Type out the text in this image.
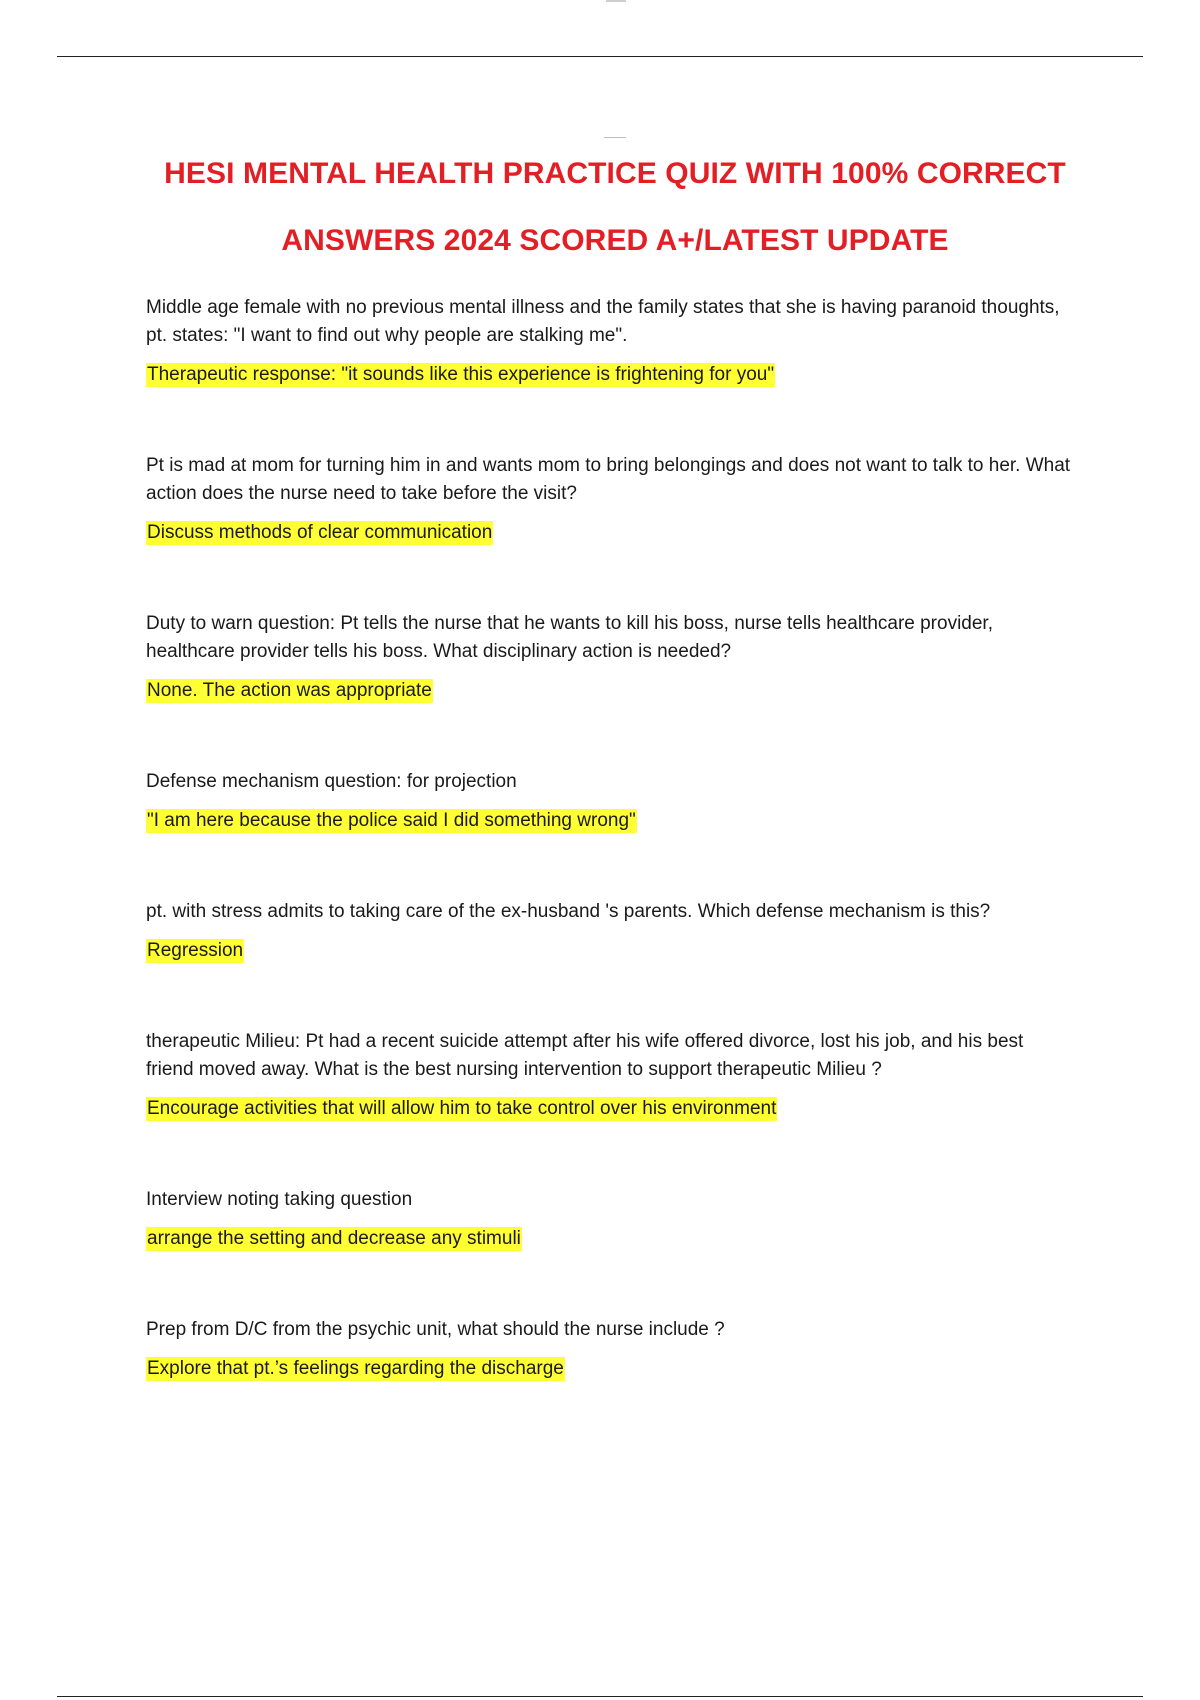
HESI MENTAL HEALTH PRACTICE QUIZ WITH 100% CORRECT
ANSWERS 2024 SCORED A+/LATEST UPDATE

Middle age female with no previous mental illness and the family states that she is having paranoid thoughts, pt. states: "I want to find out why people are stalking me".

Therapeutic response: "it sounds like this experience is frightening for you"

Pt is mad at mom for turning him in and wants mom to bring belongings and does not want to talk to her. What action does the nurse need to take before the visit?

Discuss methods of clear communication

Duty to warn question: Pt tells the nurse that he wants to kill his boss, nurse tells healthcare provider, healthcare provider tells his boss. What disciplinary action is needed?

None. The action was appropriate

Defense mechanism question: for projection

"I am here because the police said I did something wrong"

pt. with stress admits to taking care of the ex-husband 's parents. Which defense mechanism is this?

Regression

therapeutic Milieu: Pt had a recent suicide attempt after his wife offered divorce, lost his job, and his best friend moved away. What is the best nursing intervention to support therapeutic Milieu ?

Encourage activities that will allow him to take control over his environment

Interview noting taking question

arrange the setting and decrease any stimuli

Prep from D/C from the psychic unit, what should the nurse include ?

Explore that pt.’s feelings regarding the discharge
